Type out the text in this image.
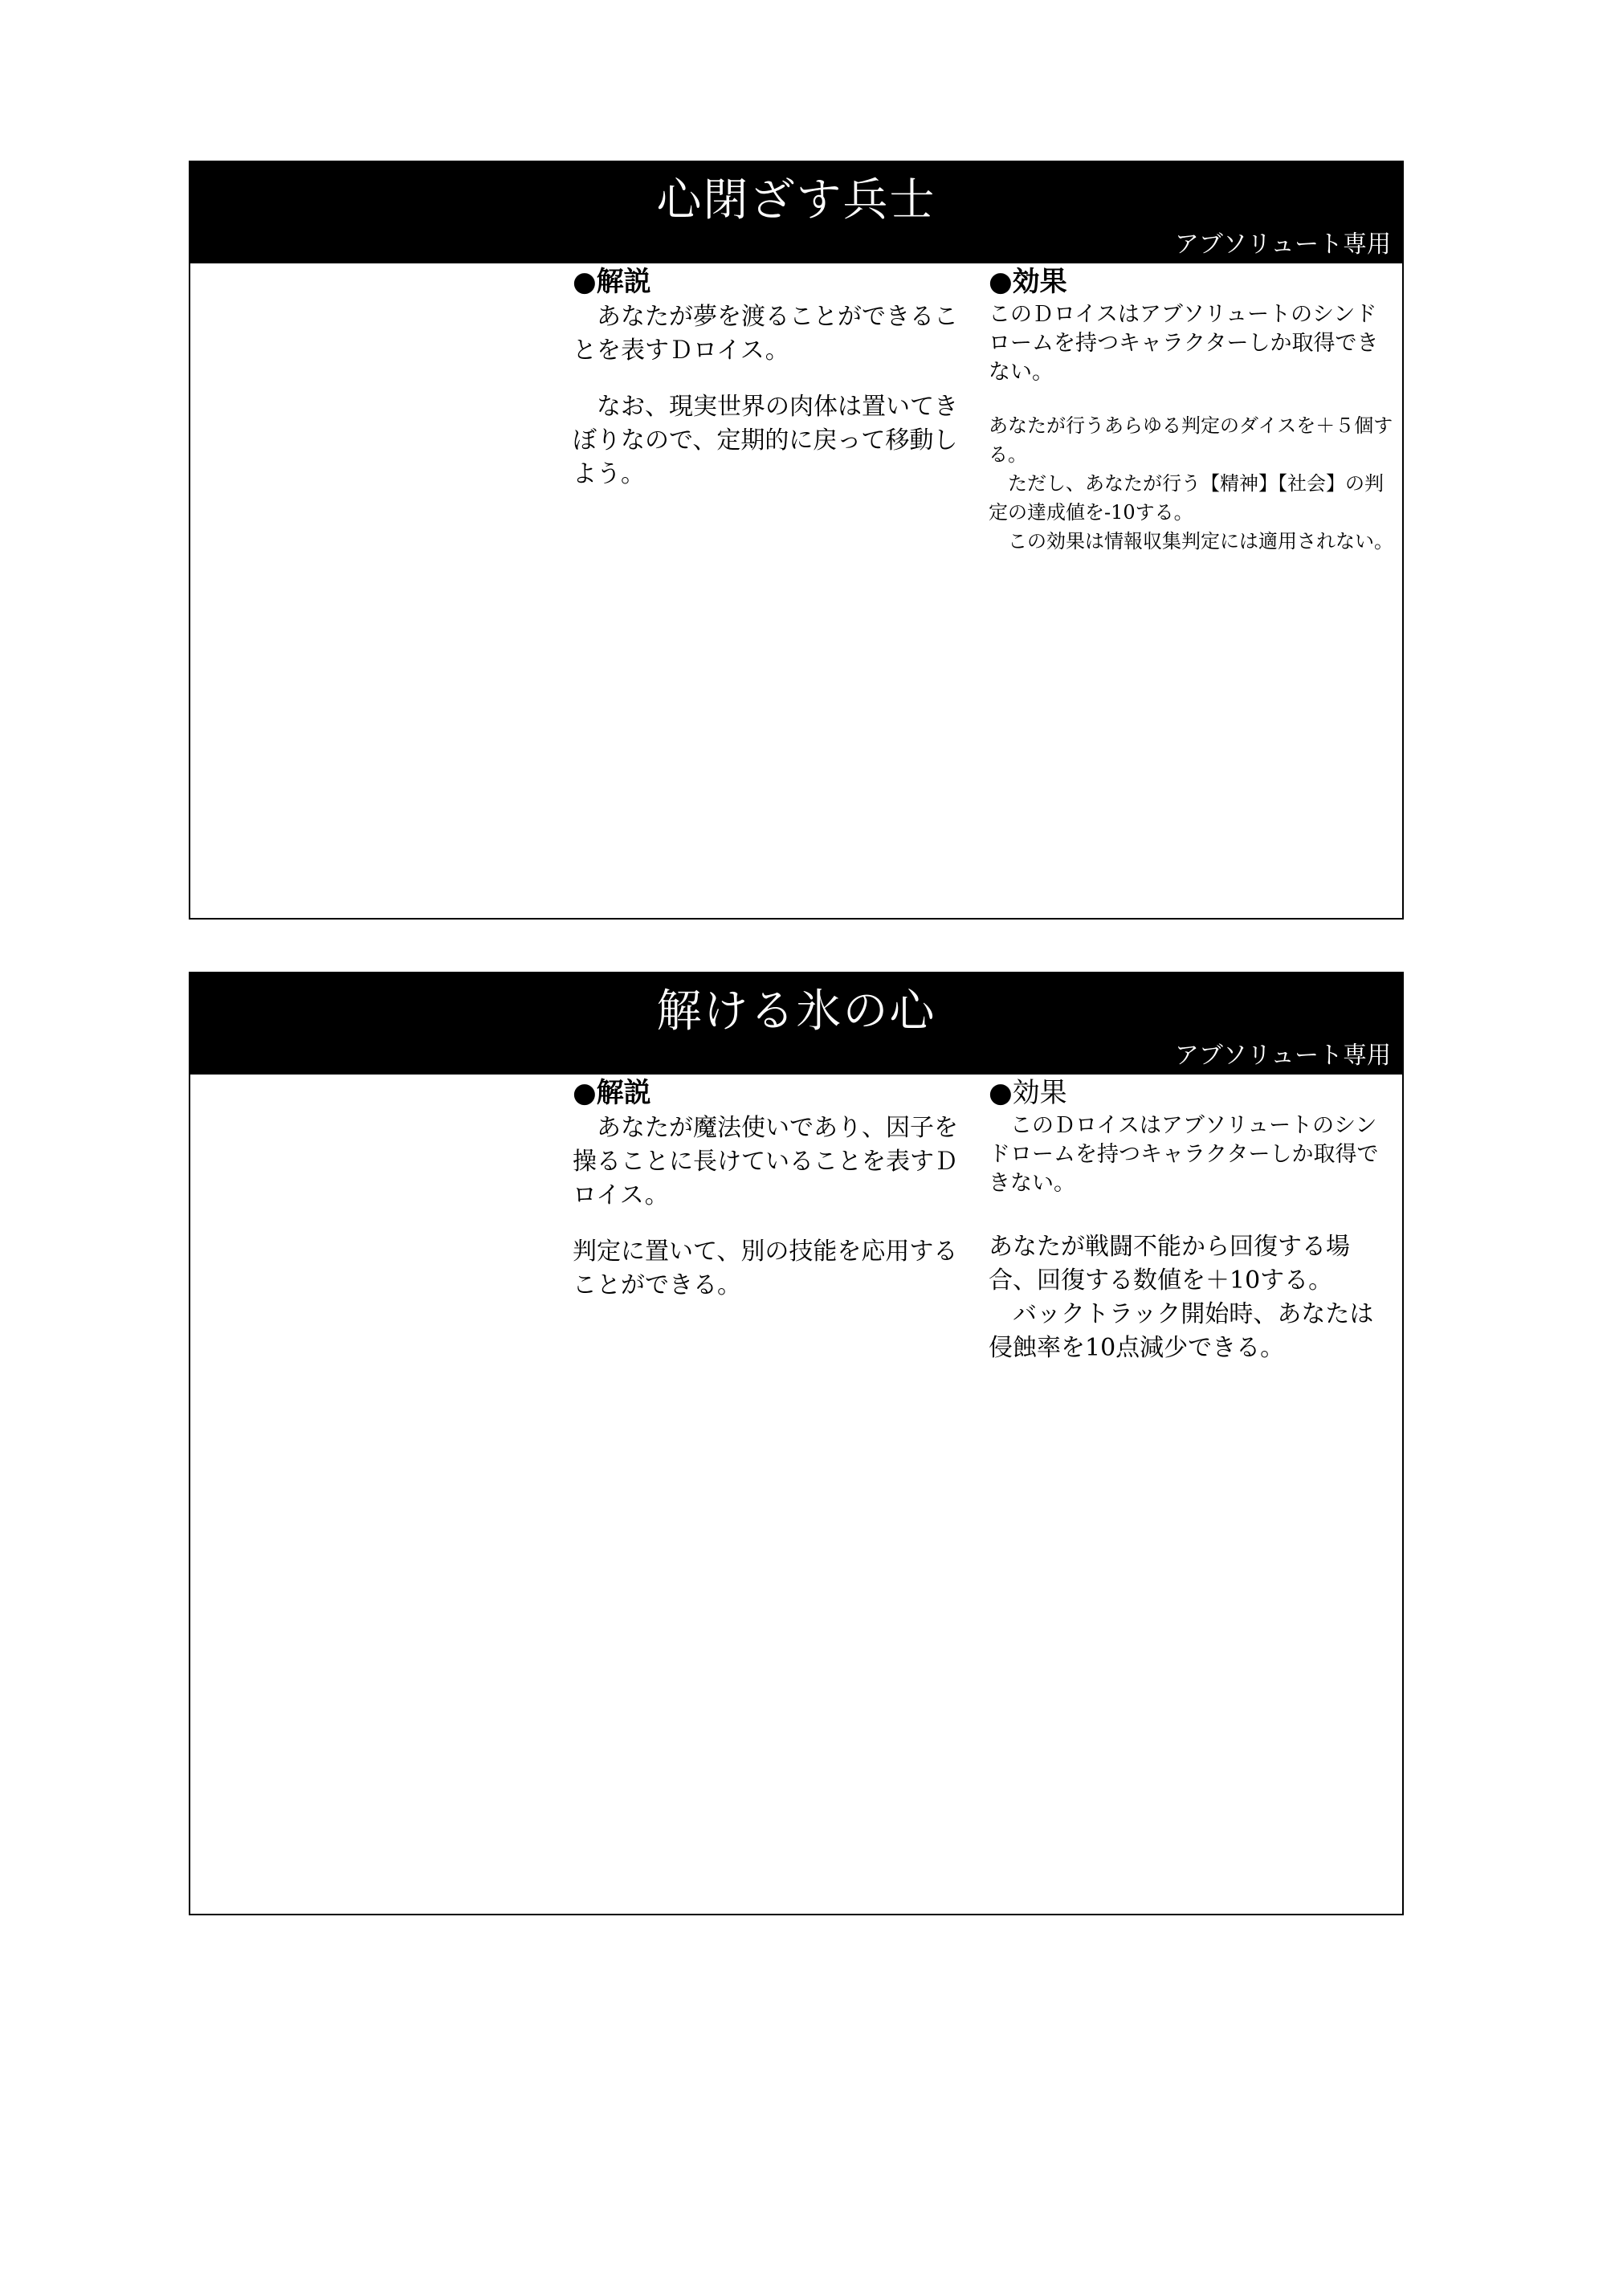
心閉ざす兵士
アブソリュート専用

●解説

　あなたが夢を渡ることができることを表すＤロイス。

　なお、現実世界の肉体は置いてきぼりなので、定期的に戻って移動しよう。

●効果

このＤロイスはアブソリュートのシンドロームを持つキャラクターしか取得できない。

あなたが行うあらゆる判定のダイスを＋５個する。

　ただし、あなたが行う【精神】【社会】の判定の達成値を-10する。

　この効果は情報収集判定には適用されない。

解ける氷の心
アブソリュート専用

●解説

　あなたが魔法使いであり、因子を操ることに長けていることを表すＤロイス。

判定に置いて、別の技能を応用することができる。

●効果

　このＤロイスはアブソリュートのシンドロームを持つキャラクターしか取得できない。

あなたが戦闘不能から回復する場合、回復する数値を＋10する。

　バックトラック開始時、あなたは侵蝕率を10点減少できる。
